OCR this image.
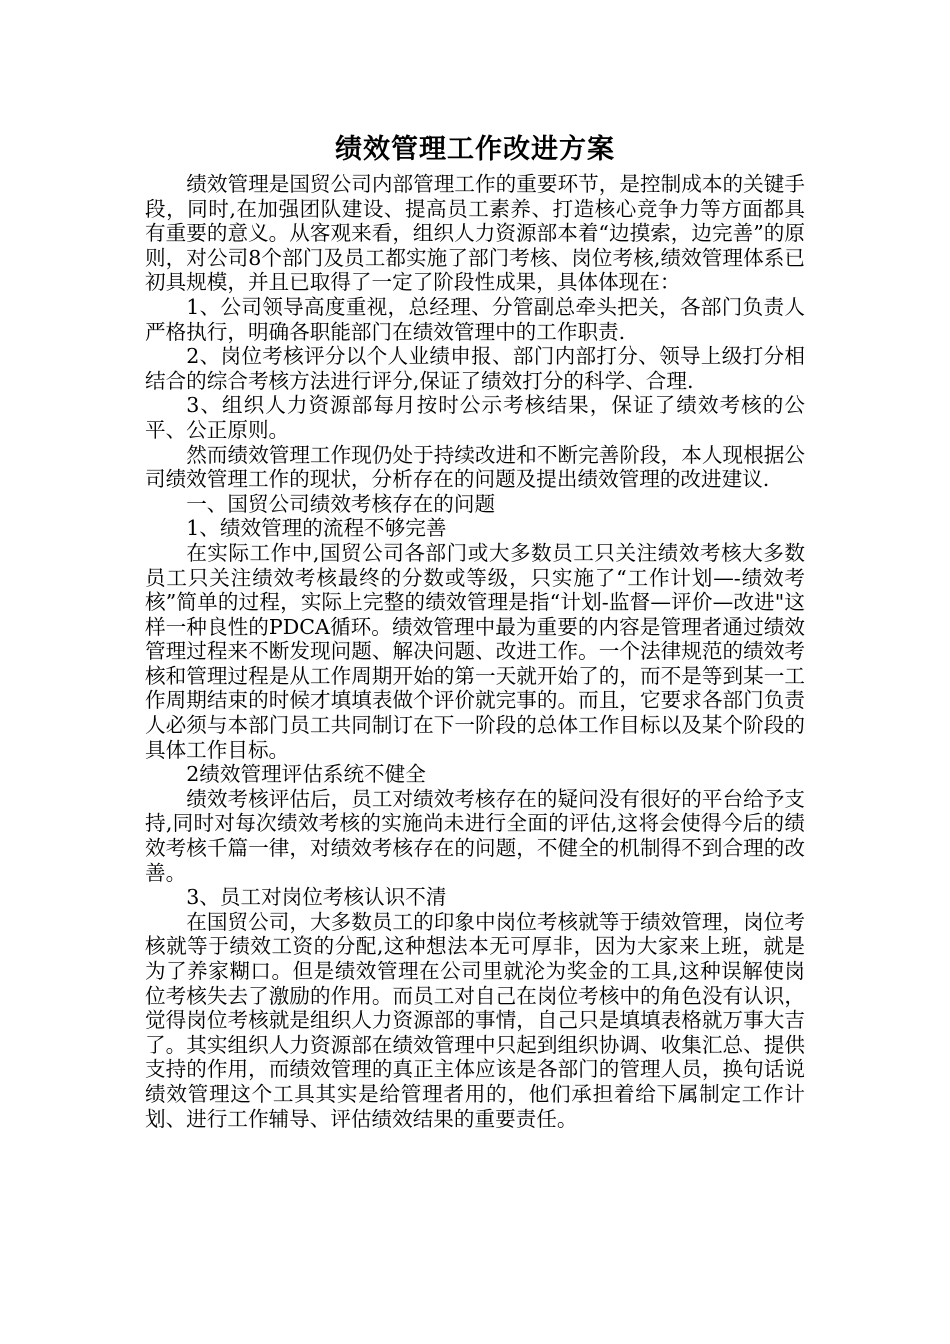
绩效管理工作改进方案

绩效管理是国贸公司内部管理工作的重要环节，是控制成本的关键手段，同时,在加强团队建设、提高员工素养、打造核心竞争力等方面都具有重要的意义。从客观来看，组织人力资源部本着“边摸索，边完善”的原则，对公司8个部门及员工都实施了部门考核、岗位考核,绩效管理体系已初具规模，并且已取得了一定了阶段性成果，具体体现在：

1、公司领导高度重视，总经理、分管副总牵头把关，各部门负责人严格执行，明确各职能部门在绩效管理中的工作职责.

2、岗位考核评分以个人业绩申报、部门内部打分、领导上级打分相结合的综合考核方法进行评分,保证了绩效打分的科学、合理.

3、组织人力资源部每月按时公示考核结果，保证了绩效考核的公平、公正原则。

然而绩效管理工作现仍处于持续改进和不断完善阶段，本人现根据公司绩效管理工作的现状，分析存在的问题及提出绩效管理的改进建议.

一、国贸公司绩效考核存在的问题

1、绩效管理的流程不够完善

在实际工作中,国贸公司各部门或大多数员工只关注绩效考核大多数员工只关注绩效考核最终的分数或等级，只实施了“工作计划—-绩效考核”简单的过程，实际上完整的绩效管理是指“计划-监督—评价—改进"这样一种良性的PDCA循环。绩效管理中最为重要的内容是管理者通过绩效管理过程来不断发现问题、解决问题、改进工作。一个法律规范的绩效考核和管理过程是从工作周期开始的第一天就开始了的，而不是等到某一工作周期结束的时候才填填表做个评价就完事的。而且，它要求各部门负责人必须与本部门员工共同制订在下一阶段的总体工作目标以及某个阶段的具体工作目标。

2绩效管理评估系统不健全

绩效考核评估后，员工对绩效考核存在的疑问没有很好的平台给予支持,同时对每次绩效考核的实施尚未进行全面的评估,这将会使得今后的绩效考核千篇一律，对绩效考核存在的问题，不健全的机制得不到合理的改善。

3、员工对岗位考核认识不清

在国贸公司，大多数员工的印象中岗位考核就等于绩效管理，岗位考核就等于绩效工资的分配,这种想法本无可厚非，因为大家来上班，就是为了养家糊口。但是绩效管理在公司里就沦为奖金的工具,这种误解使岗位考核失去了激励的作用。而员工对自己在岗位考核中的角色没有认识，觉得岗位考核就是组织人力资源部的事情，自己只是填填表格就万事大吉了。其实组织人力资源部在绩效管理中只起到组织协调、收集汇总、提供支持的作用，而绩效管理的真正主体应该是各部门的管理人员，换句话说绩效管理这个工具其实是给管理者用的，他们承担着给下属制定工作计划、进行工作辅导、评估绩效结果的重要责任。
